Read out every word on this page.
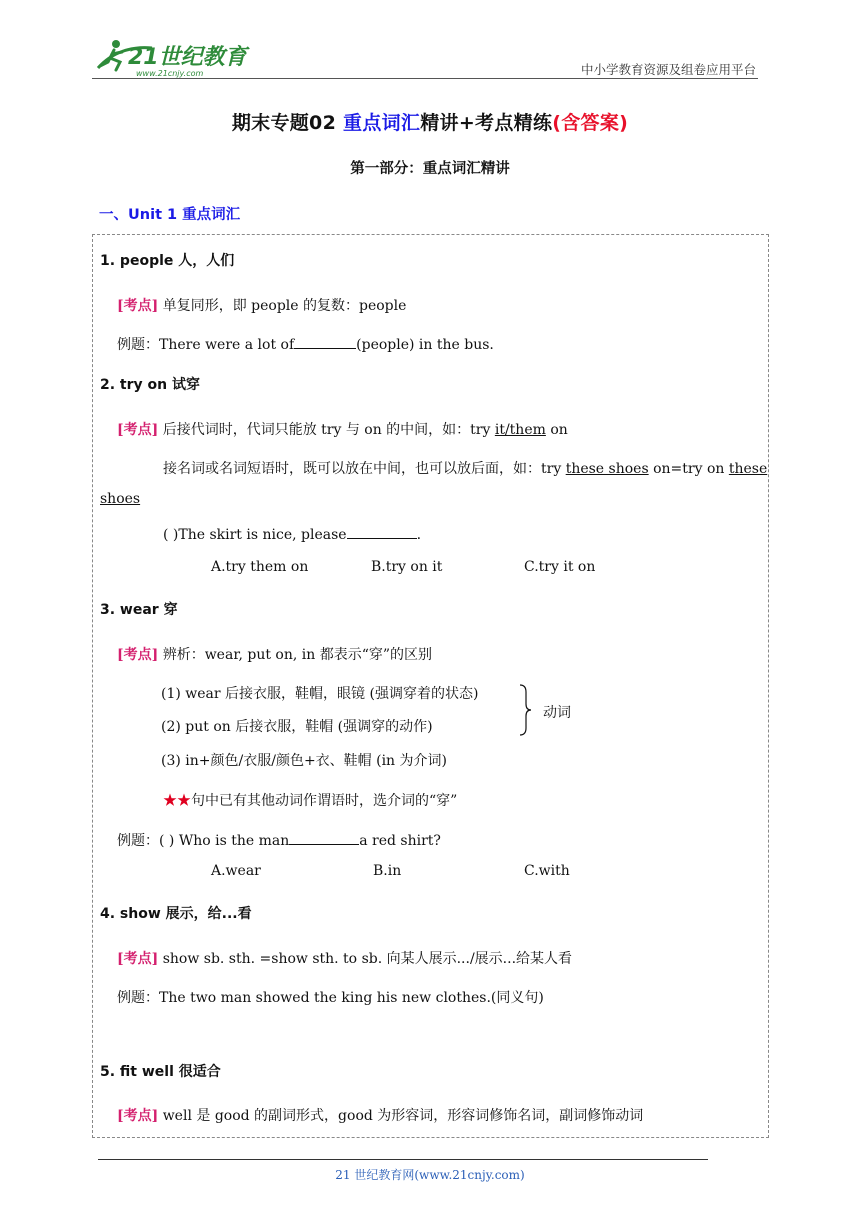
21世纪教育
www.21cnjy.com	中小学教育资源及组卷应用平台
期末专题02 重点词汇精讲+考点精练(含答案)
第一部分：重点词汇精讲
一、Unit 1 重点词汇
1. people 人，人们
[考点] 单复同形，即 people 的复数：people
例题：There were a lot of	(people) in the bus.
2. try on 试穿
[考点] 后接代词时，代词只能放 try 与 on 的中间，如：try it/them on
接名词或名词短语时，既可以放在中间，也可以放后面，如：try these shoes on=try on these
shoes
( )The skirt is nice, please	.
A.try them on	B.try on it	C.try it on
3. wear 穿
[考点] 辨析：wear, put on, in 都表示“穿”的区别
(1) wear 后接衣服，鞋帽，眼镜 (强调穿着的状态)
(2) put on 后接衣服，鞋帽 (强调穿的动作)
(3) in+颜色/衣服/颜色+衣、鞋帽 (in 为介词)
动词
★★句中已有其他动词作谓语时，选介词的“穿”
例题：( ) Who is the man	a red shirt?
A.wear	B.in	C.with
4. show 展示，给...看
[考点] show sb. sth. =show sth. to sb. 向某人展示.../展示...给某人看
例题：The two man showed the king his new clothes.(同义句)
5. fit well 很适合
[考点] well 是 good 的副词形式，good 为形容词，形容词修饰名词，副词修饰动词
21 世纪教育网(www.21cnjy.com)
